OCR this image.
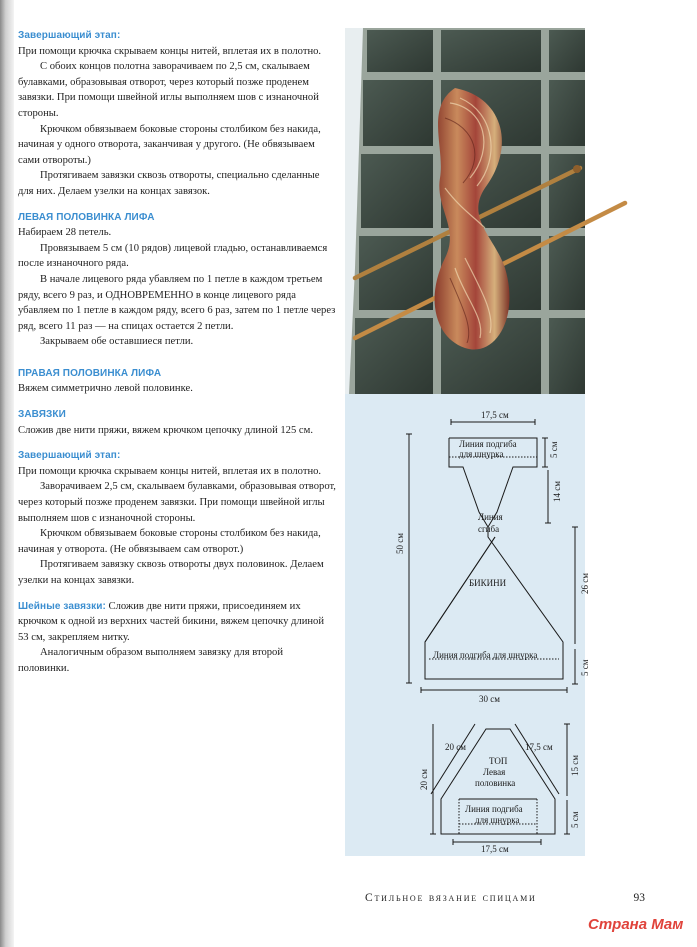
Завершающий этап:

При помощи крючка скрываем концы нитей, вплетая их в полотно.

С обоих концов полотна заворачиваем по 2,5 см, скалываем булавками, образовывая отворот, через который позже проденем завязки. При помощи швейной иглы выполняем шов с изнаночной стороны.

Крючком обвязываем боковые стороны столбиком без накида, начиная у одного отворота, заканчивая у другого. (Не обвязываем сами отвороты.)

Протягиваем завязки сквозь отвороты, специально сделанные для них. Делаем узелки на концах завязок.

ЛЕВАЯ ПОЛОВИНКА ЛИФА

Набираем 28 петель.

Провязываем 5 см (10 рядов) лицевой гладью, останавливаемся после изнаночного ряда.

В начале лицевого ряда убавляем по 1 петле в каждом третьем ряду, всего 9 раз, и ОДНОВРЕМЕННО в конце лицевого ряда убавляем по 1 петле в каждом ряду, всего 6 раз, затем по 1 петле через ряд, всего 11 раз — на спицах остается 2 петли.

Закрываем обе оставшиеся петли.

ПРАВАЯ ПОЛОВИНКА ЛИФА

Вяжем симметрично левой половинке.

ЗАВЯЗКИ

Сложив две нити пряжи, вяжем крючком цепочку длиной 125 см.

Завершающий этап:

При помощи крючка скрываем концы нитей, вплетая их в полотно.

Заворачиваем 2,5 см, скалываем булавками, образовывая отворот, через который позже проденем завязки. При помощи швейной иглы выполняем шов с изнаночной стороны.

Крючком обвязываем боковые стороны столбиком без накида, начиная у отворота. (Не обвязываем сам отворот.)

Протягиваем завязку сквозь отвороты двух половинок. Делаем узелки на концах завязки.

Шейные завязки: Сложив две нити пряжи, присоединяем их крючком к одной из верхних частей бикини, вяжем цепочку длиной 53 см, закрепляем нитку.

Аналогичным образом выполняем завязку для второй половинки.

17,5 см
Линия подгиба
для шнурка	5 см
14 см
50 см
Линия
сгиба
26 см
БИКИНИ
Линия подгиба для шнурка
5 см
30 см
ТОП
Левая
половинка
20 см	17,5 см
20 см
15 см
Линия подгиба
для шнурка	5 см
17,5 см
Стильное вязание спицами	93
Страна Мам
